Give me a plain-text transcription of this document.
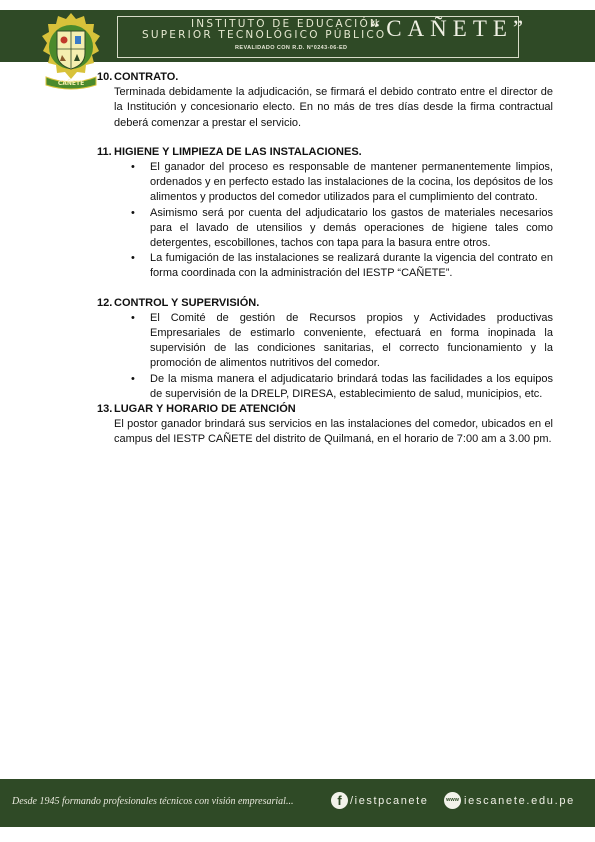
INSTITUTO DE EDUCACIÓN
SUPERIOR TECNOLÓGICO PÚBLICO
“CAÑETE”
REVALIDADO CON R.D. N°0243-06-ED
CAÑETE
10. CONTRATO.

Terminada debidamente la adjudicación, se firmará el debido contrato entre el director de la Institución y concesionario electo. En no más de tres días desde la firma contractual deberá comenzar a prestar el servicio.

11. HIGIENE Y LIMPIEZA DE LAS INSTALACIONES.
• El ganador del proceso es responsable de mantener permanentemente limpios, ordenados y en perfecto estado las instalaciones de la cocina, los depósitos de los alimentos y productos del comedor utilizados para el cumplimiento del contrato.
• Asimismo será por cuenta del adjudicatario los gastos de materiales necesarios para el lavado de utensilios y demás operaciones de higiene tales como detergentes, escobillones, tachos con tapa para la basura entre otros.
• La fumigación de las instalaciones se realizará durante la vigencia del contrato en forma coordinada con la administración del IESTP “CAÑETE”.
12. CONTROL Y SUPERVISIÓN.
• El Comité de gestión de Recursos propios y Actividades productivas Empresariales de estimarlo conveniente, efectuará en forma inopinada la supervisión de las condiciones sanitarias, el correcto funcionamiento y la promoción de alimentos nutritivos del comedor.
• De la misma manera el adjudicatario brindará todas las facilidades a los equipos de supervisión de la DRELP, DIRESA, establecimiento de salud, municipios, etc.
13. LUGAR Y HORARIO DE ATENCIÓN

El postor ganador brindará sus servicios en las instalaciones del comedor, ubicados en el campus del IESTP CAÑETE del distrito de Quilmaná, en el horario de 7:00 am a 3.00 pm.

Desde 1945 formando profesionales técnicos con visión empresarial...	f /iestpcanete	www iescanete.edu.pe
